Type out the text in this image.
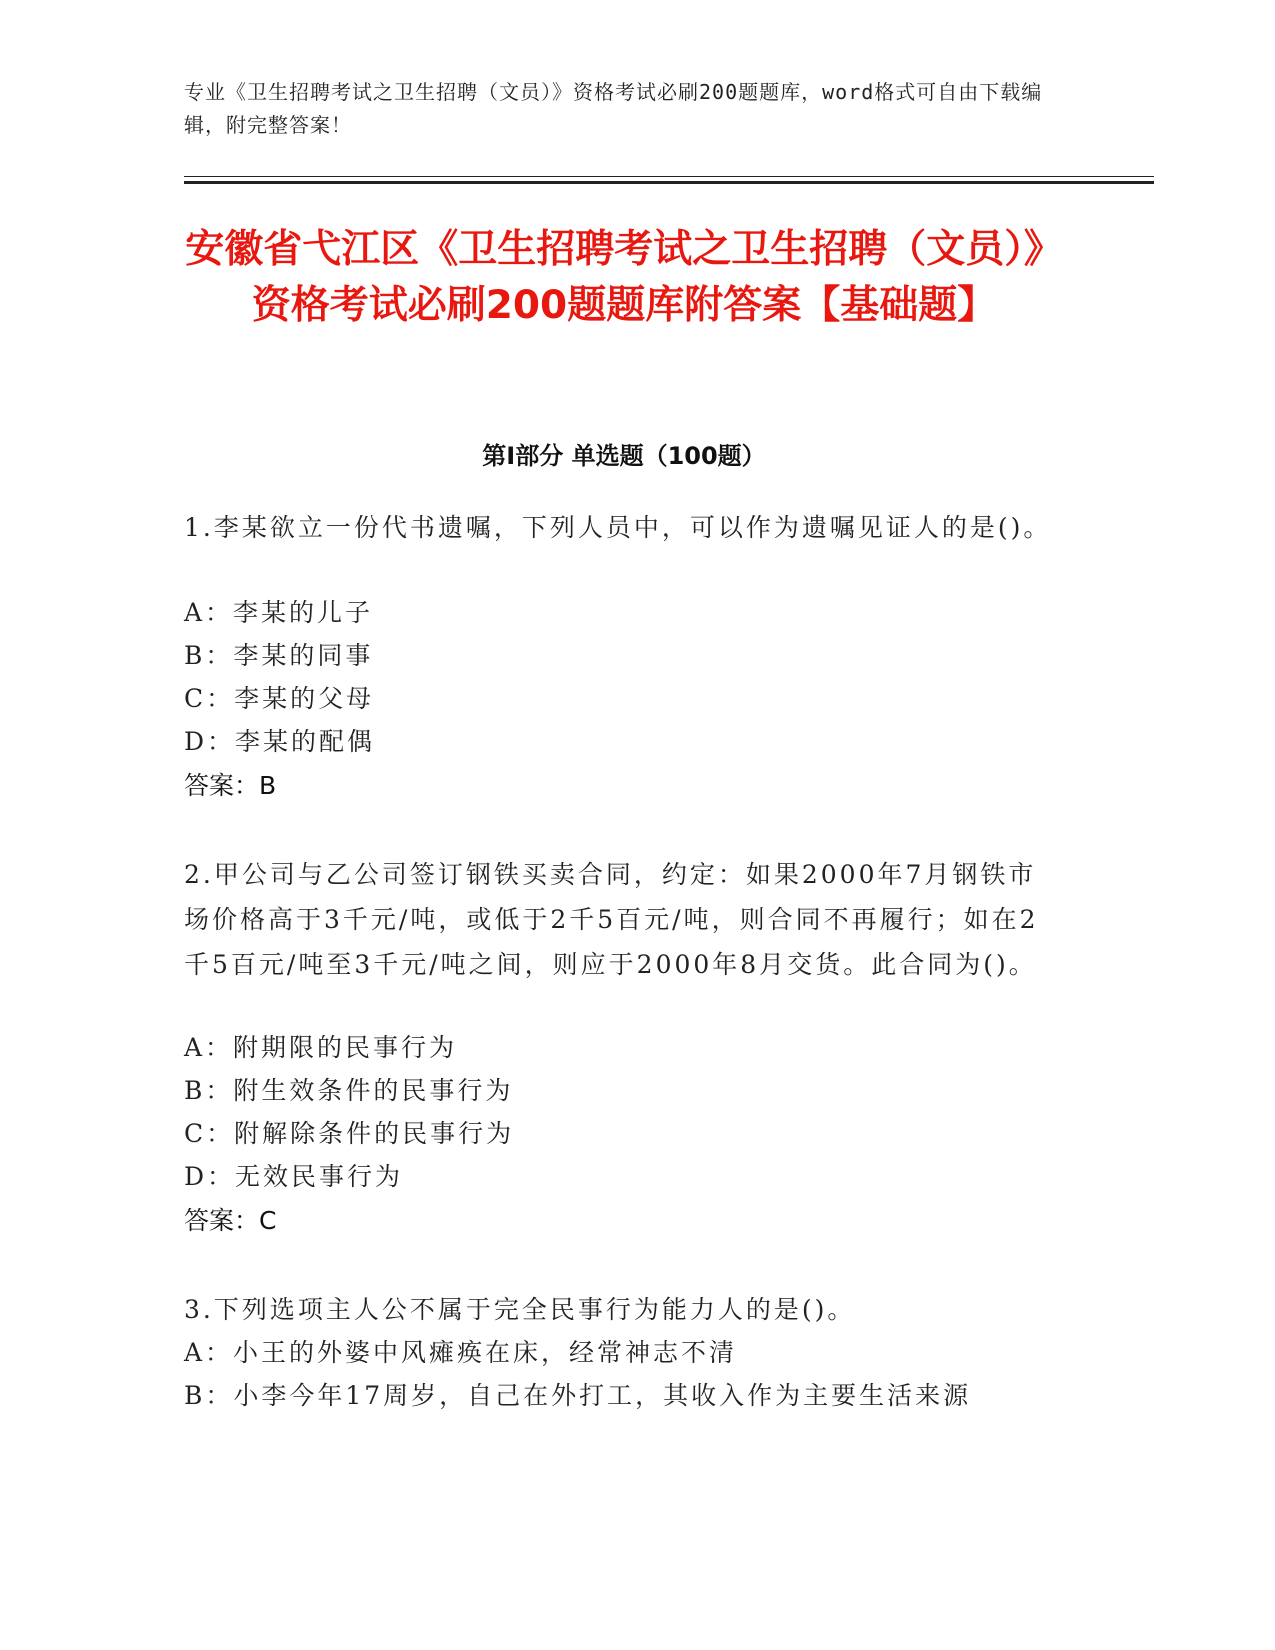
专业《卫生招聘考试之卫生招聘（文员）》资格考试必刷200题题库，word格式可自由下载编辑，附完整答案！
安徽省弋江区《卫生招聘考试之卫生招聘（文员）》资格考试必刷200题题库附答案【基础题】
第Ⅰ部分 单选题（100题）
1.李某欲立一份代书遗嘱，下列人员中，可以作为遗嘱见证人的是()。
A：李某的儿子
B：李某的同事
C：李某的父母
D：李某的配偶
答案：B
2.甲公司与乙公司签订钢铁买卖合同，约定：如果2000年7月钢铁市场价格高于3千元/吨，或低于2千5百元/吨，则合同不再履行；如在2千5百元/吨至3千元/吨之间，则应于2000年8月交货。此合同为()。
A：附期限的民事行为
B：附生效条件的民事行为
C：附解除条件的民事行为
D：无效民事行为
答案：C
3.下列选项主人公不属于完全民事行为能力人的是()。
A：小王的外婆中风瘫痪在床，经常神志不清
B：小李今年17周岁，自己在外打工，其收入作为主要生活来源
